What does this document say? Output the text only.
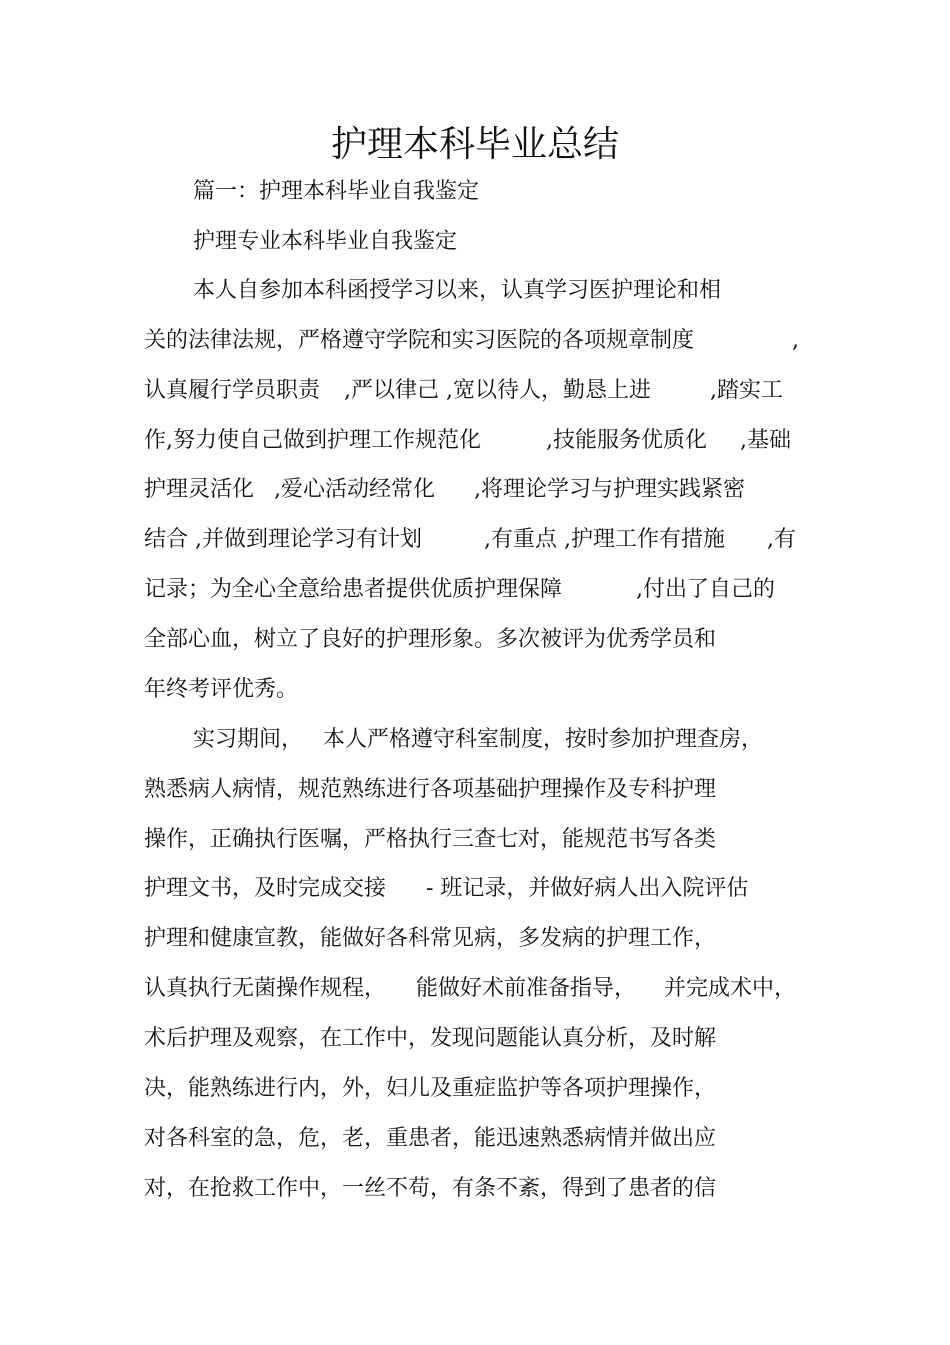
护理本科毕业总结
篇一：护理本科毕业自我鉴定
护理专业本科毕业自我鉴定
本人自参加本科函授学习以来，认真学习医护理论和相
关的法律法规，严格遵守学院和实习医院的各项规章制度	,
认真履行学员职责 ,严以律己 ,宽以待人，勤恳上进	,踏实工
作,努力使自己做到护理工作规范化	,技能服务优质化 ,基础
护理灵活化 ,爱心活动经常化 ,将理论学习与护理实践紧密
结合 ,并做到理论学习有计划	,有重点 ,护理工作有措施 ,有
记录；为全心全意给患者提供优质护理保障	,付出了自己的
全部心血，树立了良好的护理形象。多次被评为优秀学员和
年终考评优秀。
实习期间， 本人严格遵守科室制度，按时参加护理查房，
熟悉病人病情，规范熟练进行各项基础护理操作及专科护理
操作，正确执行医嘱，严格执行三查七对，能规范书写各类
护理文书，及时完成交接 - 班记录，并做好病人出入院评估
护理和健康宣教，能做好各科常见病，多发病的护理工作，
认真执行无菌操作规程， 能做好术前准备指导， 并完成术中，
术后护理及观察，在工作中，发现问题能认真分析，及时解
决，能熟练进行内，外，妇儿及重症监护等各项护理操作，
对各科室的急，危，老，重患者，能迅速熟悉病情并做出应
对，在抢救工作中，一丝不苟，有条不紊，得到了患者的信
